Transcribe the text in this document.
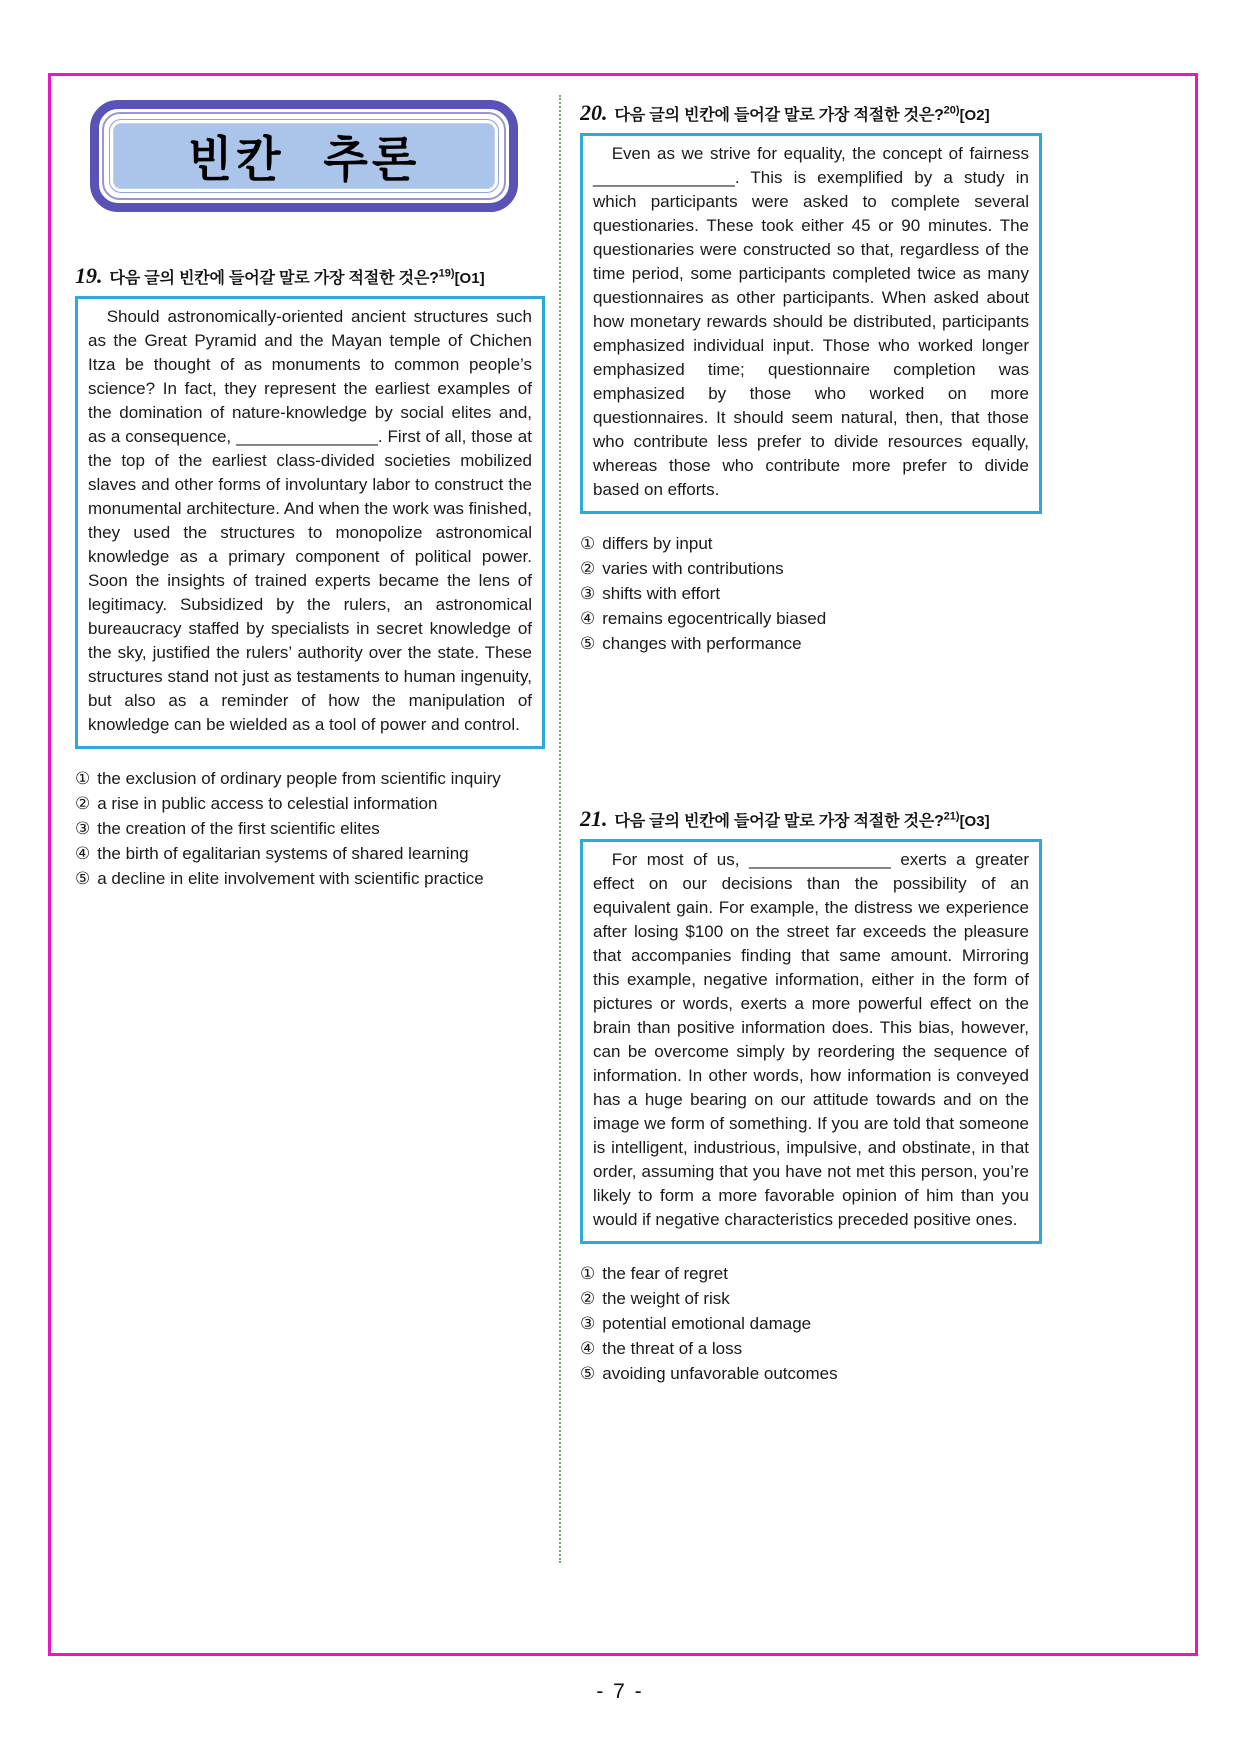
빈칸 추론
19. 다음 글의 빈칸에 들어갈 말로 가장 적절한 것은?$^{19)}$[O1]
Should astronomically-oriented ancient structures such as the Great Pyramid and the Mayan temple of Chichen Itza be thought of as monuments to common people’s science? In fact, they represent the earliest examples of the domination of nature-knowledge by social elites and, as a consequence, _______________. First of all, those at the top of the earliest class-divided societies mobilized slaves and other forms of involuntary labor to construct the monumental architecture. And when the work was finished, they used the structures to monopolize astronomical knowledge as a primary component of political power. Soon the insights of trained experts became the lens of legitimacy. Subsidized by the rulers, an astronomical bureaucracy staffed by specialists in secret knowledge of the sky, justified the rulers’ authority over the state. These structures stand not just as testaments to human ingenuity, but also as a reminder of how the manipulation of knowledge can be wielded as a tool of power and control.
① the exclusion of ordinary people from scientific inquiry
② a rise in public access to celestial information
③ the creation of the first scientific elites
④ the birth of egalitarian systems of shared learning
⑤ a decline in elite involvement with scientific practice
20. 다음 글의 빈칸에 들어갈 말로 가장 적절한 것은?$^{20)}$[O2]
Even as we strive for equality, the concept of fairness _______________. This is exemplified by a study in which participants were asked to complete several questionaries. These took either 45 or 90 minutes. The questionaries were constructed so that, regardless of the time period, some participants completed twice as many questionnaires as other participants. When asked about how monetary rewards should be distributed, participants emphasized individual input. Those who worked longer emphasized time; questionnaire completion was emphasized by those who worked on more questionnaires. It should seem natural, then, that those who contribute less prefer to divide resources equally, whereas those who contribute more prefer to divide based on efforts.
① differs by input
② varies with contributions
③ shifts with effort
④ remains egocentrically biased
⑤ changes with performance
21. 다음 글의 빈칸에 들어갈 말로 가장 적절한 것은?$^{21)}$[O3]
For most of us, _______________ exerts a greater effect on our decisions than the possibility of an equivalent gain. For example, the distress we experience after losing $100 on the street far exceeds the pleasure that accompanies finding that same amount. Mirroring this example, negative information, either in the form of pictures or words, exerts a more powerful effect on the brain than positive information does. This bias, however, can be overcome simply by reordering the sequence of information. In other words, how information is conveyed has a huge bearing on our attitude towards and on the image we form of something. If you are told that someone is intelligent, industrious, impulsive, and obstinate, in that order, assuming that you have not met this person, you’re likely to form a more favorable opinion of him than you would if negative characteristics preceded positive ones.
① the fear of regret
② the weight of risk
③ potential emotional damage
④ the threat of a loss
⑤ avoiding unfavorable outcomes
- 7 -
